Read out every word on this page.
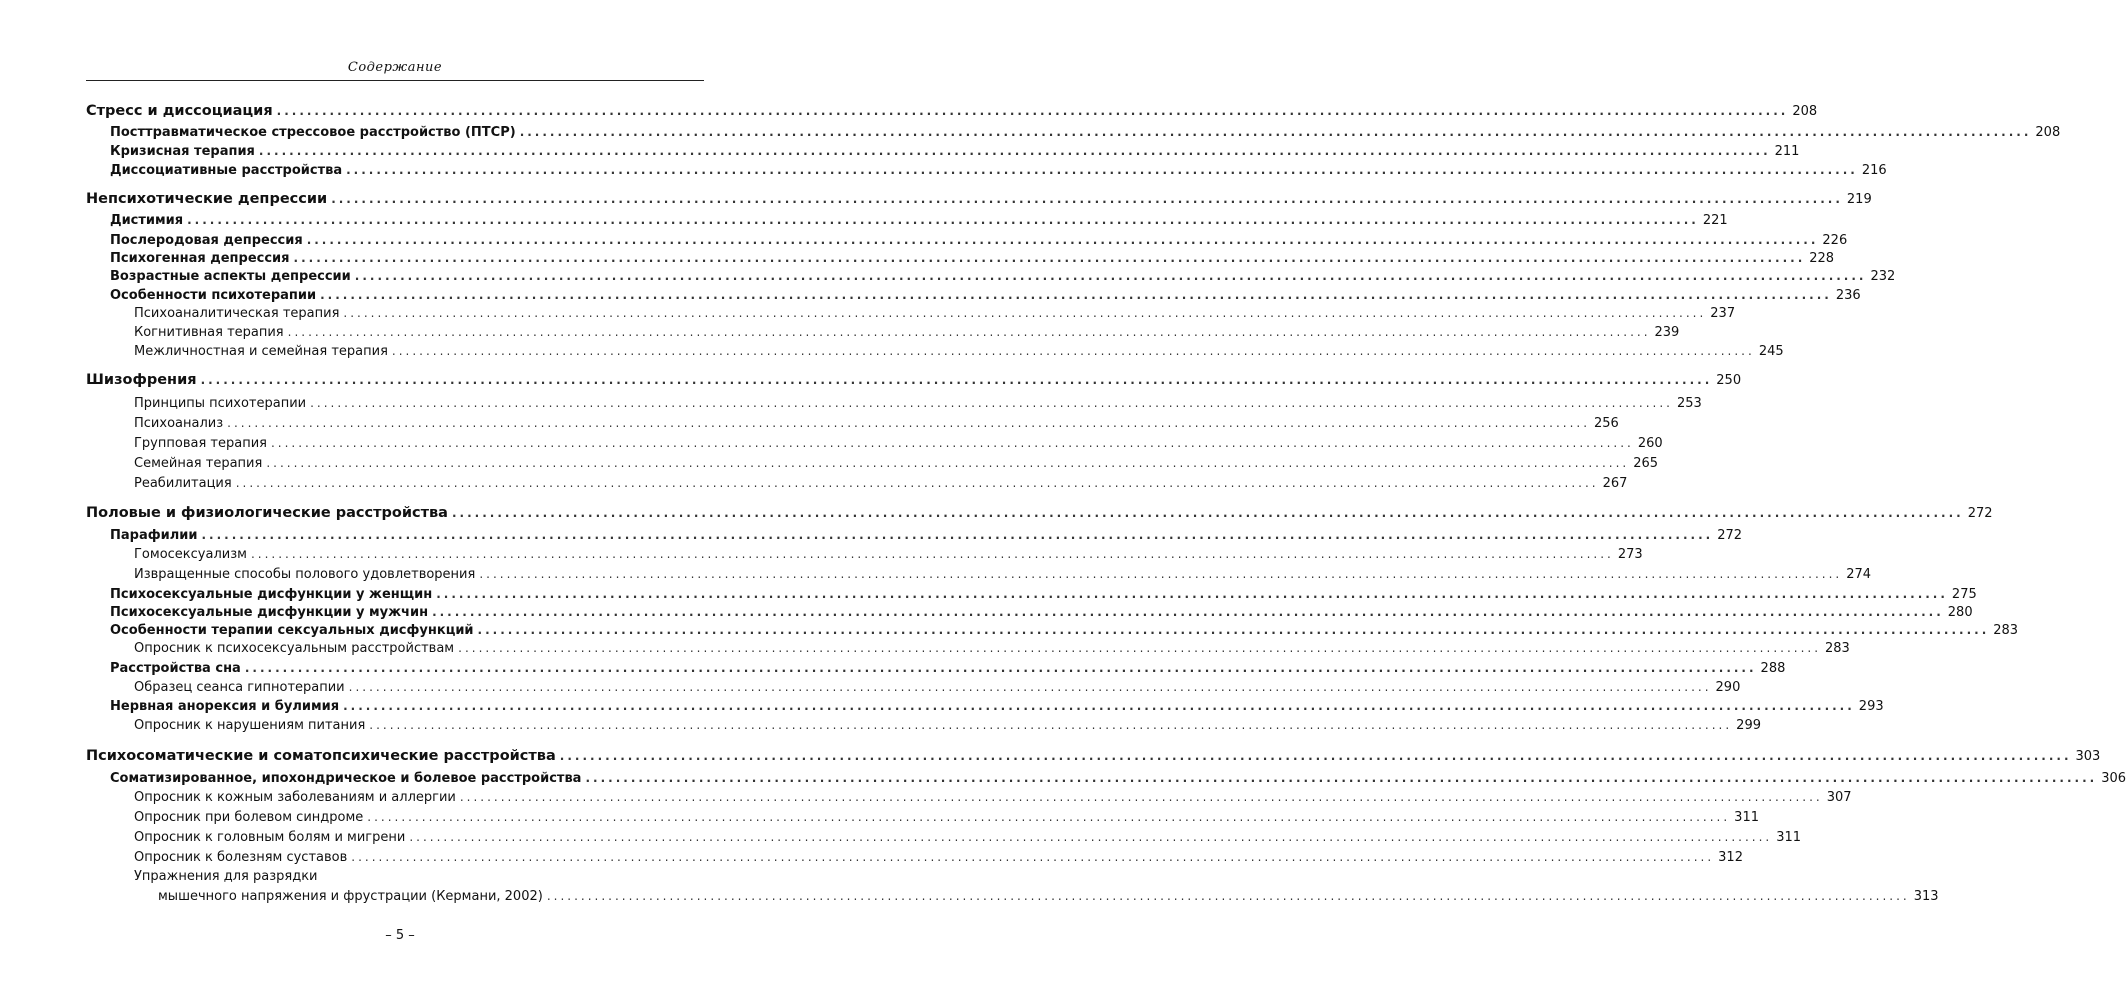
Содержание
Стресс и диссоциация ........................................................................................................................................................................................................ 208
Посттравматическое стрессовое расстройство (ПТСР) ........................................................................................................................................................................................................ 208
Кризисная терапия ........................................................................................................................................................................................................ 211
Диссоциативные расстройства ........................................................................................................................................................................................................ 216
Непсихотические депрессии ........................................................................................................................................................................................................ 219
Дистимия ........................................................................................................................................................................................................ 221
Послеродовая депрессия ........................................................................................................................................................................................................ 226
Психогенная депрессия ........................................................................................................................................................................................................ 228
Возрастные аспекты депрессии ........................................................................................................................................................................................................ 232
Особенности психотерапии ........................................................................................................................................................................................................ 236
Психоаналитическая терапия ........................................................................................................................................................................................................ 237
Когнитивная терапия ........................................................................................................................................................................................................ 239
Межличностная и семейная терапия ........................................................................................................................................................................................................ 245
Шизофрения ........................................................................................................................................................................................................ 250
Принципы психотерапии ........................................................................................................................................................................................................ 253
Психоанализ ........................................................................................................................................................................................................ 256
Групповая терапия ........................................................................................................................................................................................................ 260
Семейная терапия ........................................................................................................................................................................................................ 265
Реабилитация ........................................................................................................................................................................................................ 267
Половые и физиологические расстройства ........................................................................................................................................................................................................ 272
Парафилии ........................................................................................................................................................................................................ 272
Гомосексуализм ........................................................................................................................................................................................................ 273
Извращенные способы полового удовлетворения ........................................................................................................................................................................................................ 274
Психосексуальные дисфункции у женщин ........................................................................................................................................................................................................ 275
Психосексуальные дисфункции у мужчин ........................................................................................................................................................................................................ 280
Особенности терапии сексуальных дисфункций ........................................................................................................................................................................................................ 283
Опросник к психосексуальным расстройствам ........................................................................................................................................................................................................ 283
Расстройства сна ........................................................................................................................................................................................................ 288
Образец сеанса гипнотерапии ........................................................................................................................................................................................................ 290
Нервная анорексия и булимия ........................................................................................................................................................................................................ 293
Опросник к нарушениям питания ........................................................................................................................................................................................................ 299
Психосоматические и соматопсихические расстройства ........................................................................................................................................................................................................ 303
Соматизированное, ипохондрическое и болевое расстройства ........................................................................................................................................................................................................ 306
Опросник к кожным заболеваниям и аллергии ........................................................................................................................................................................................................ 307
Опросник при болевом синдроме ........................................................................................................................................................................................................ 311
Опросник к головным болям и мигрени ........................................................................................................................................................................................................ 311
Опросник к болезням суставов ........................................................................................................................................................................................................ 312
Упражнения для разрядки
мышечного напряжения и фрустрации (Кермани, 2002) ........................................................................................................................................................................................................ 313
– 5 –
